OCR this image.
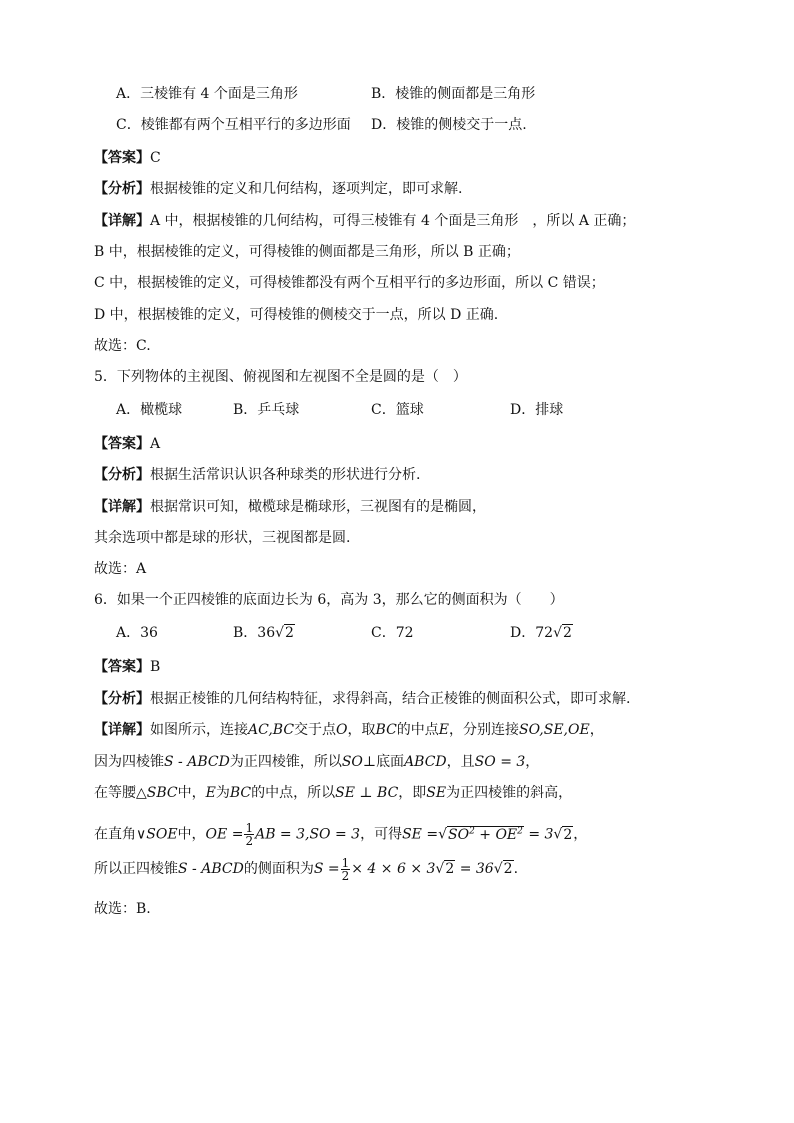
A．三棱锥有 4 个面是三角形	B．棱锥的侧面都是三角形
C．棱锥都有两个互相平行的多边形面 D．棱锥的侧棱交于一点.
【答案】C
【分析】根据棱锥的定义和几何结构，逐项判定，即可求解.
【详解】A 中，根据棱锥的几何结构，可得三棱锥有 4 个面是三角形　，所以 A 正确；
B 中，根据棱锥的定义，可得棱锥的侧面都是三角形，所以 B 正确；
C 中，根据棱锥的定义，可得棱锥都没有两个互相平行的多边形面，所以 C 错误；
D 中，根据棱锥的定义，可得棱锥的侧棱交于一点，所以 D 正确.
故选：C.
5．下列物体的主视图、俯视图和左视图不全是圆的是（　）
A．橄榄球	B．乒乓球	C．篮球	D．排球
【答案】A
【分析】根据生活常识认识各种球类的形状进行分析.
【详解】根据常识可知，橄榄球是椭球形，三视图有的是椭圆，
其余选项中都是球的形状，三视图都是圆.
故选：A
6．如果一个正四棱锥的底面边长为 6，高为 3，那么它的侧面积为（　　）
A．36	B．36√2	C．72	D．72√2
【答案】B
【分析】根据正棱锥的几何结构特征，求得斜高，结合正棱锥的侧面积公式，即可求解.
【详解】如图所示，连接AC,BC交于点O，取BC的中点E，分别连接SO,SE,OE，
因为四棱锥S - ABCD为正四棱锥，所以SO⊥底面ABCD，且SO = 3，
在等腰△SBC中，E为BC的中点，所以SE ⊥ BC，即SE为正四棱锥的斜高，
在直角∨SOE中，OE = $\frac{1}{2}$ AB = 3,SO = 3，可得SE $=√SO^2 + OE^2 = 3√2$，
所以正四棱锥S - ABCD的侧面积为$S = \frac{1}{2} \times 4 \times 6 \times 3√2 = 36√2$.
故选：B.
